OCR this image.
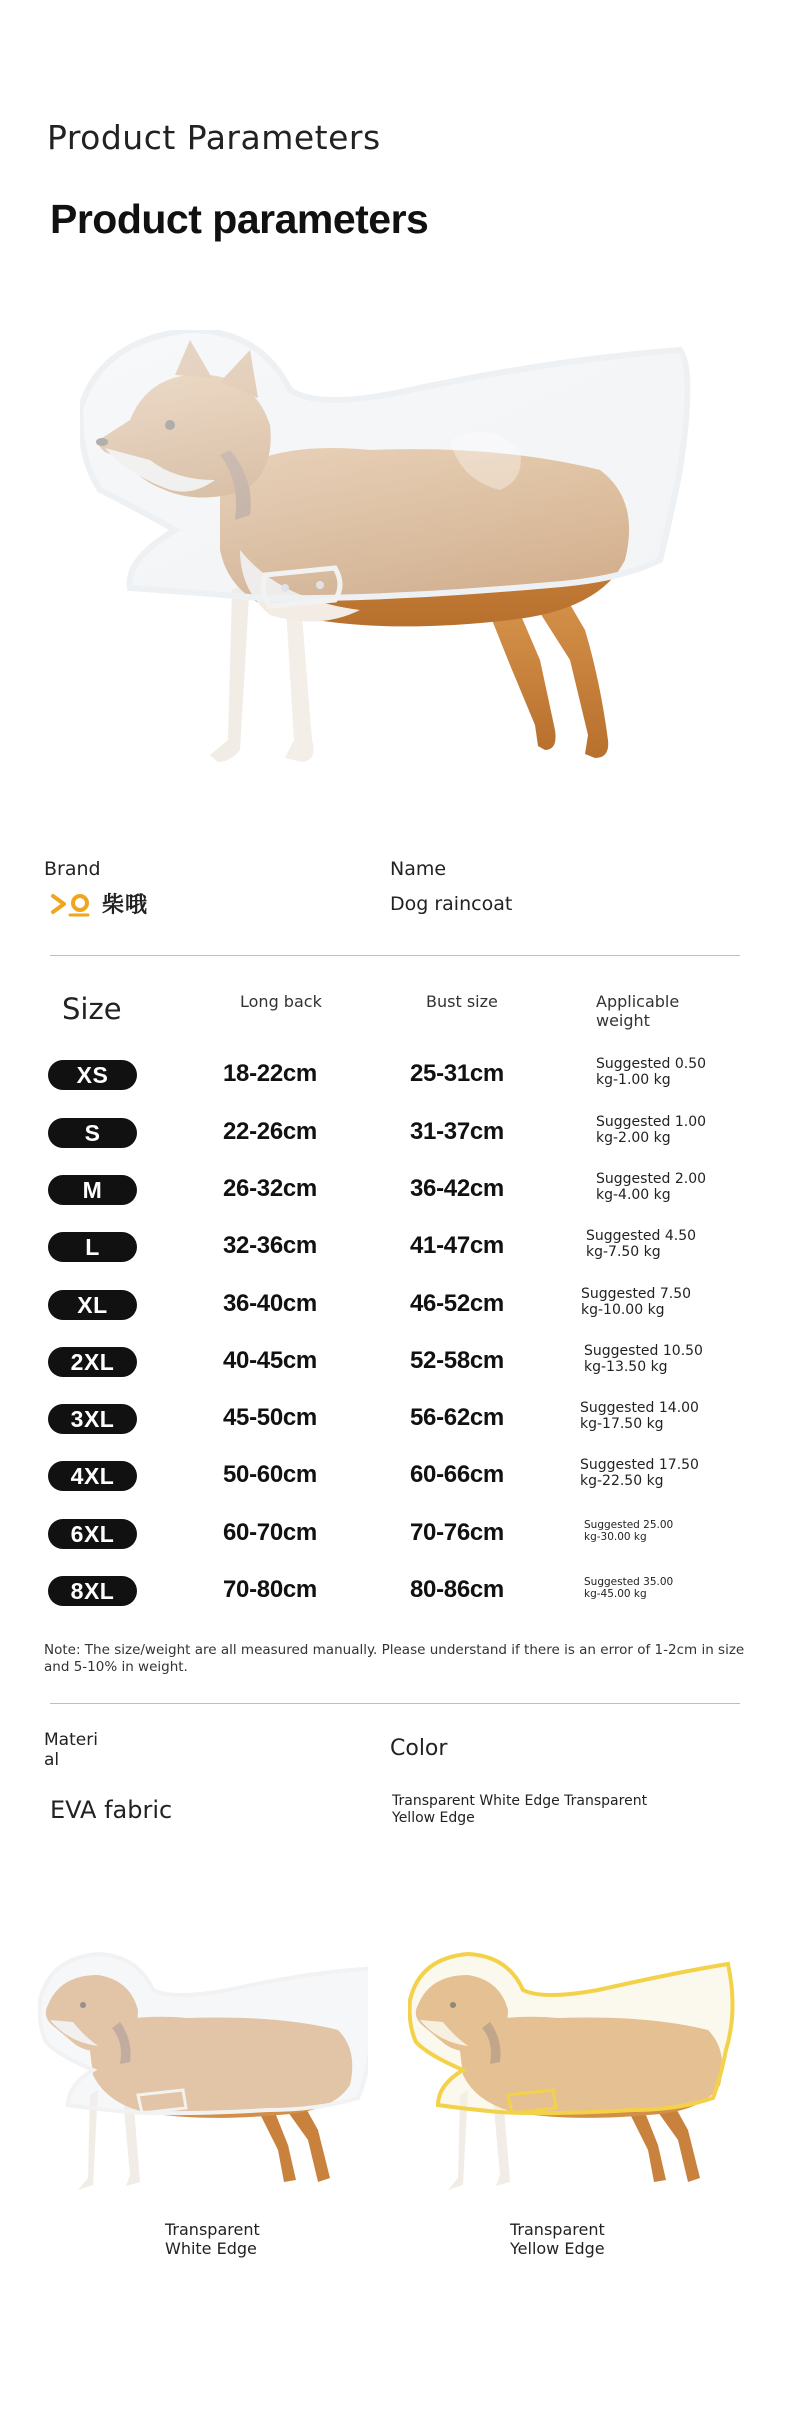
Product Parameters
Product parameters
Brand	Name
柴哦	Dog raincoat
Size	Long back	Bust size	Applicable weight
XS	18-22cm	25-31cm	Suggested 0.50 kg-1.00 kg
S	22-26cm	31-37cm	Suggested 1.00 kg-2.00 kg
M	26-32cm	36-42cm	Suggested 2.00 kg-4.00 kg
L	32-36cm	41-47cm	Suggested 4.50 kg-7.50 kg
XL	36-40cm	46-52cm	Suggested 7.50 kg-10.00 kg
2XL	40-45cm	52-58cm	Suggested 10.50 kg-13.50 kg
3XL	45-50cm	56-62cm	Suggested 14.00 kg-17.50 kg
4XL	50-60cm	60-66cm	Suggested 17.50 kg-22.50 kg
6XL	60-70cm	70-76cm	Suggested 25.00 kg-30.00 kg
8XL	70-80cm	80-86cm	Suggested 35.00 kg-45.00 kg
Note: The size/weight are all measured manually. Please understand if there is an error of 1-2cm in size and 5-10% in weight.
Materi al	Color
EVA fabric	Transparent White Edge Transparent Yellow Edge
Transparent White Edge
Transparent Yellow Edge
